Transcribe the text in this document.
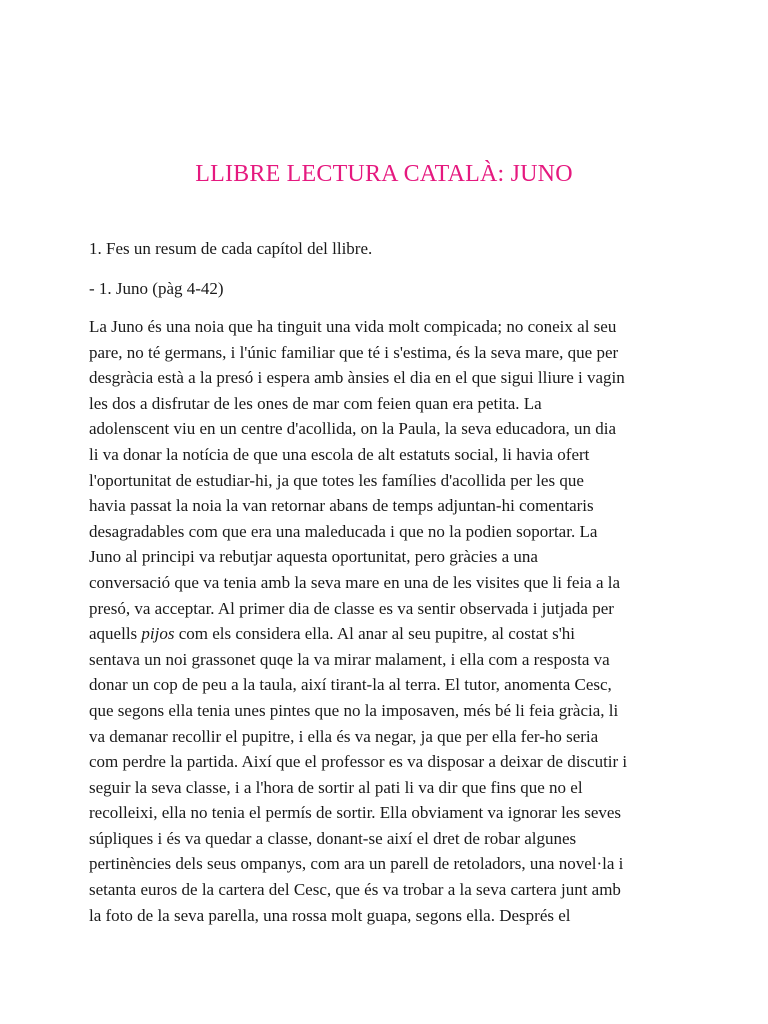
LLIBRE LECTURA CATALÀ: JUNO

1. Fes un resum de cada capítol del llibre.

- 1. Juno (pàg 4-42)

La Juno és una noia que ha tinguit una vida molt compicada; no coneix al seu
pare, no té germans, i l'únic familiar que té i s'estima, és la seva mare, que per
desgràcia està a la presó i espera amb ànsies el dia en el que sigui lliure i vagin
les dos a disfrutar de les ones de mar com feien quan era petita. La
adolenscent viu en un centre d'acollida, on la Paula, la seva educadora, un dia
li va donar la notícia de que una escola de alt estatuts social, li havia ofert
l'oportunitat de estudiar-hi, ja que totes les famílies d'acollida per les que
havia passat la noia la van retornar abans de temps adjuntan-hi comentaris
desagradables com que era una maleducada i que no la podien soportar. La
Juno al principi va rebutjar aquesta oportunitat, pero gràcies a una
conversació que va tenia amb la seva mare en una de les visites que li feia a la
presó, va acceptar. Al primer dia de classe es va sentir observada i jutjada per
aquells pijos com els considera ella. Al anar al seu pupitre, al costat s'hi
sentava un noi grassonet quqe la va mirar malament, i ella com a resposta va
donar un cop de peu a la taula, així tirant-la al terra. El tutor, anomenta Cesc,
que segons ella tenia unes pintes que no la imposaven, més bé li feia gràcia, li
va demanar recollir el pupitre, i ella és va negar, ja que per ella fer-ho seria
com perdre la partida. Així que el professor es va disposar a deixar de discutir i
seguir la seva classe, i a l'hora de sortir al pati li va dir que fins que no el
recolleixi, ella no tenia el permís de sortir. Ella obviament va ignorar les seves
súpliques i és va quedar a classe, donant-se així el dret de robar algunes
pertinències dels seus ompanys, com ara un parell de retoladors, una novel·la i
setanta euros de la cartera del Cesc, que és va trobar a la seva cartera junt amb
la foto de la seva parella, una rossa molt guapa, segons ella. Després el
